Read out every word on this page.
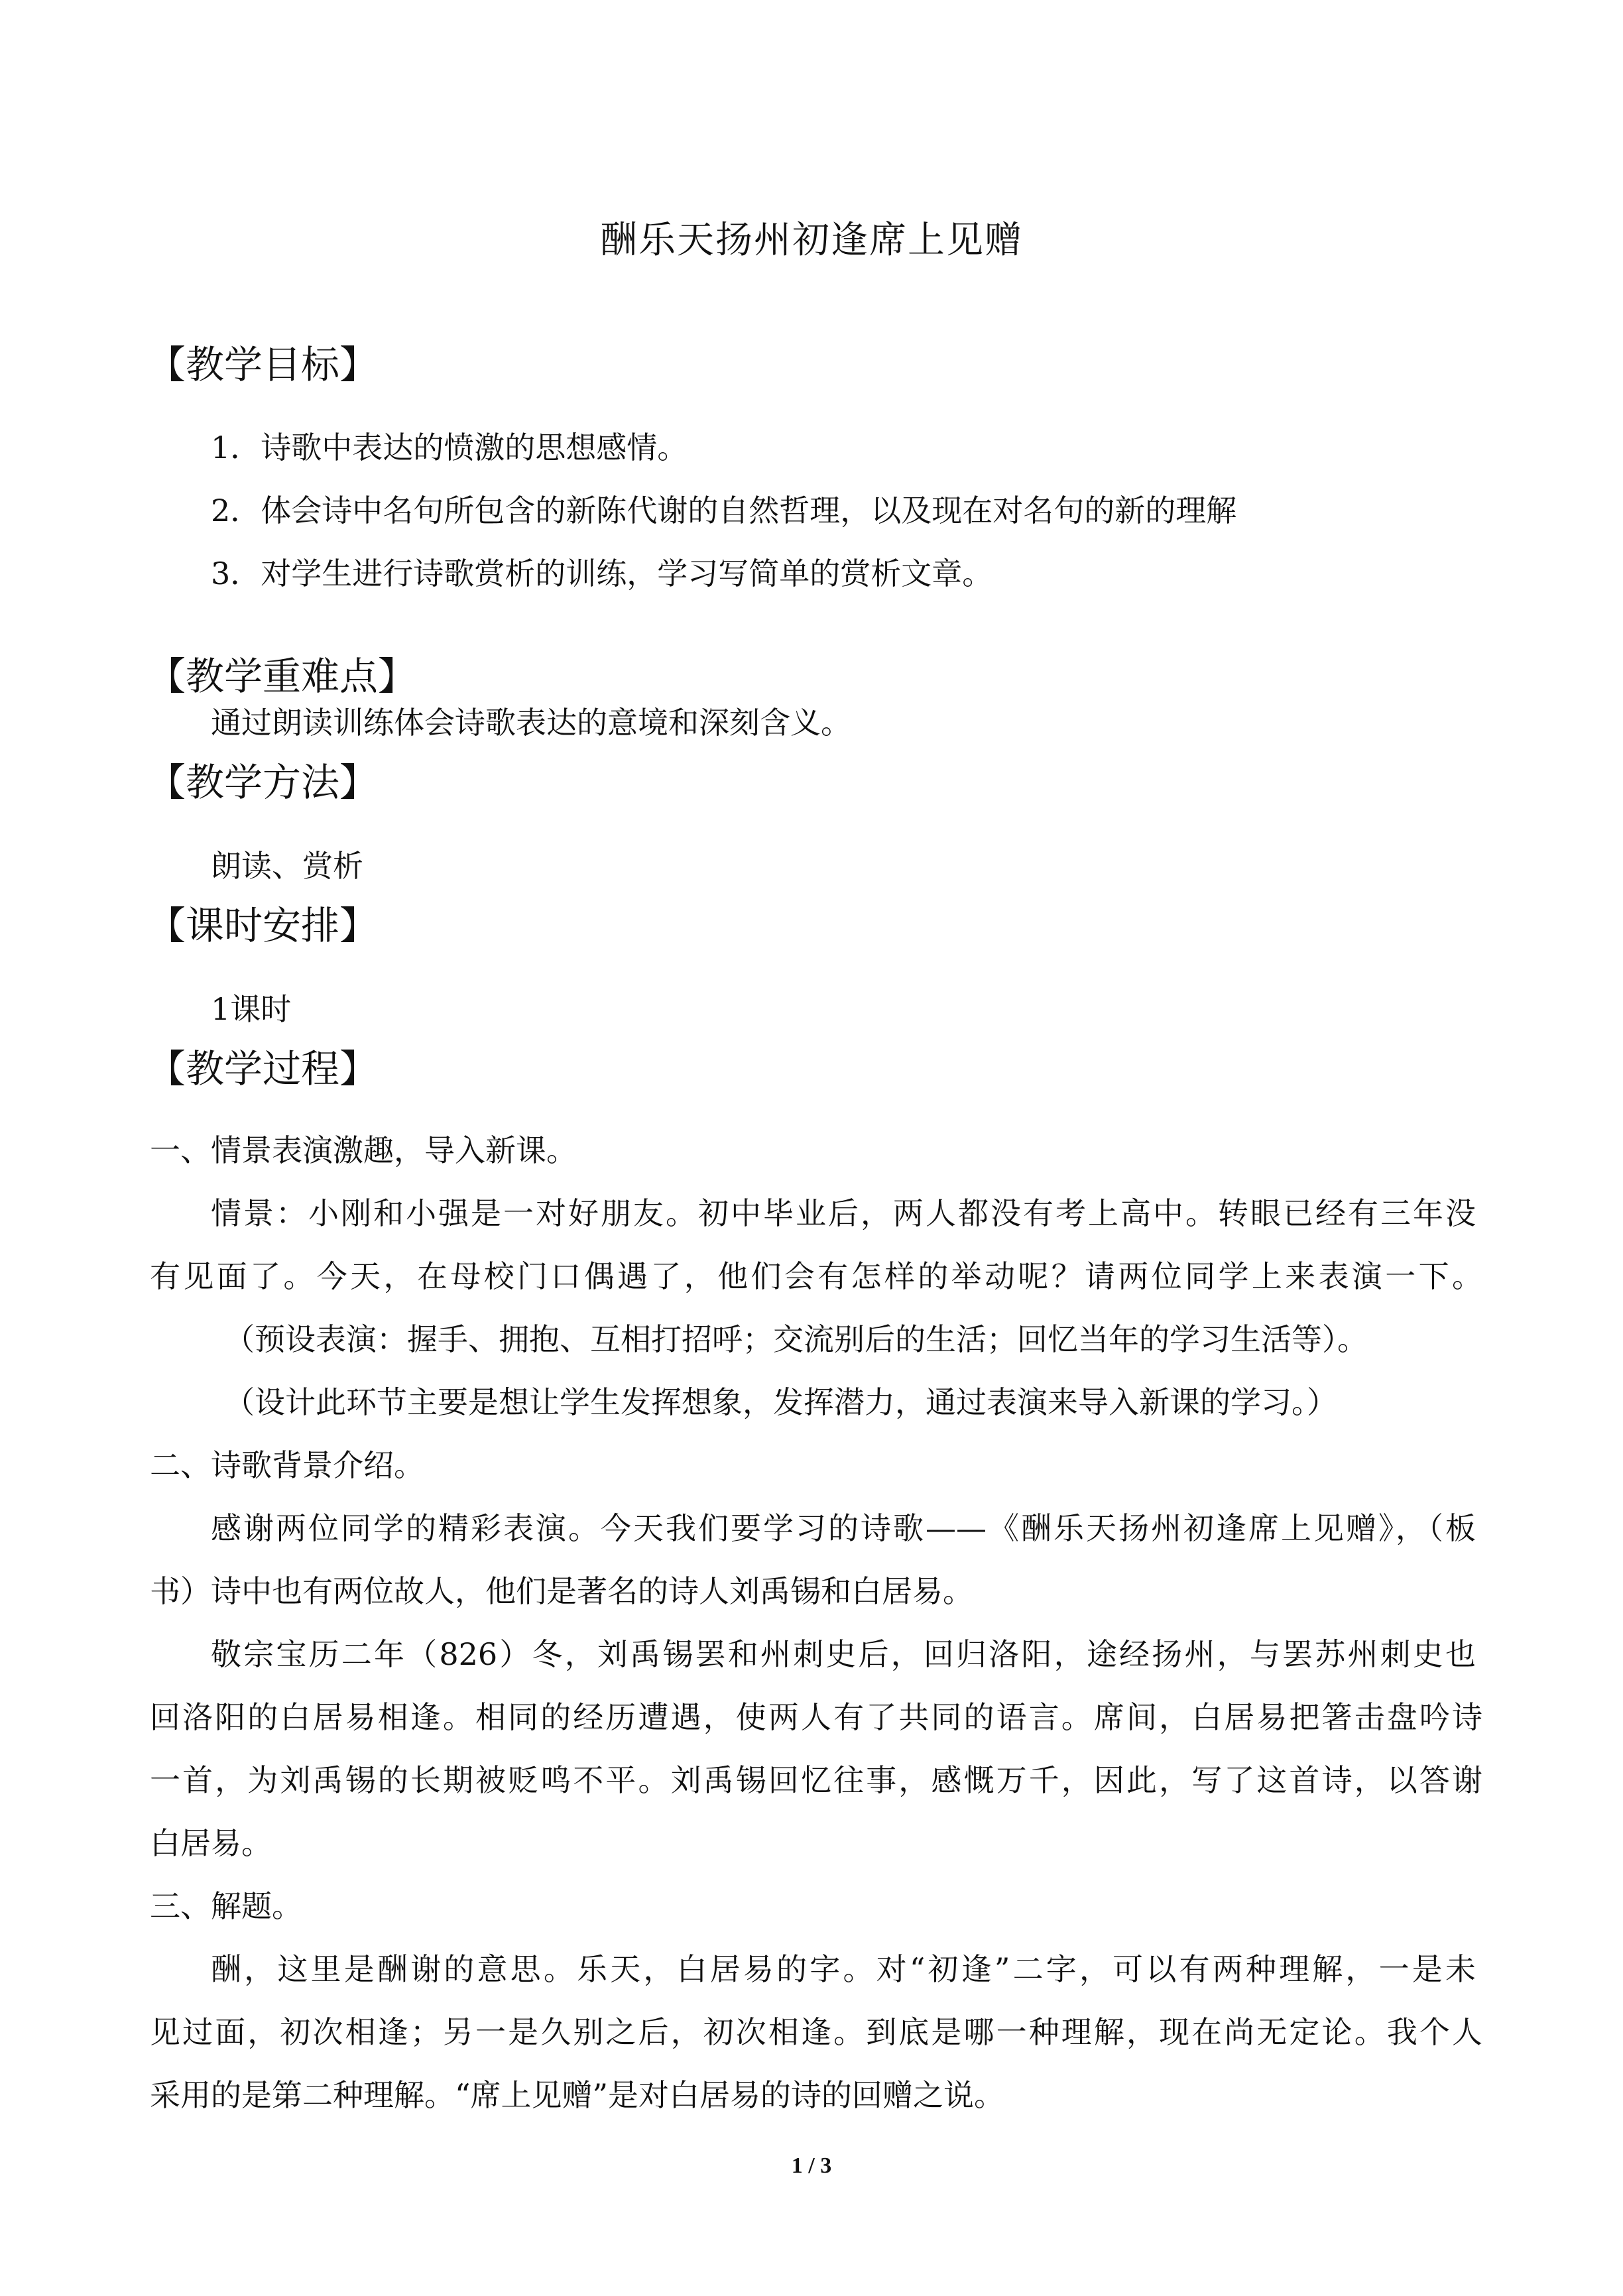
酬乐天扬州初逢席上见赠
【教学目标】
1．诗歌中表达的愤激的思想感情。
2．体会诗中名句所包含的新陈代谢的自然哲理，以及现在对名句的新的理解
3．对学生进行诗歌赏析的训练，学习写简单的赏析文章。
【教学重难点】
通过朗读训练体会诗歌表达的意境和深刻含义。
【教学方法】
朗读、赏析
【课时安排】
1课时
【教学过程】
一、情景表演激趣，导入新课。
情景：小刚和小强是一对好朋友。初中毕业后，两人都没有考上高中。转眼已经有三年没
有见面了。今天，在母校门口偶遇了，他们会有怎样的举动呢？请两位同学上来表演一下。
（预设表演：握手、拥抱、互相打招呼；交流别后的生活；回忆当年的学习生活等）。
（设计此环节主要是想让学生发挥想象，发挥潜力，通过表演来导入新课的学习。）
二、诗歌背景介绍。
感谢两位同学的精彩表演。今天我们要学习的诗歌——《酬乐天扬州初逢席上见赠》，（板
书）诗中也有两位故人，他们是著名的诗人刘禹锡和白居易。
敬宗宝历二年（826）冬，刘禹锡罢和州刺史后，回归洛阳，途经扬州，与罢苏州刺史也
回洛阳的白居易相逢。相同的经历遭遇，使两人有了共同的语言。席间，白居易把箸击盘吟诗
一首，为刘禹锡的长期被贬鸣不平。刘禹锡回忆往事，感慨万千，因此，写了这首诗，以答谢
白居易。
三、解题。
酬，这里是酬谢的意思。乐天，白居易的字。对“初逢”二字，可以有两种理解，一是未
见过面，初次相逢；另一是久别之后，初次相逢。到底是哪一种理解，现在尚无定论。我个人
采用的是第二种理解。“席上见赠”是对白居易的诗的回赠之说。
1 / 3
